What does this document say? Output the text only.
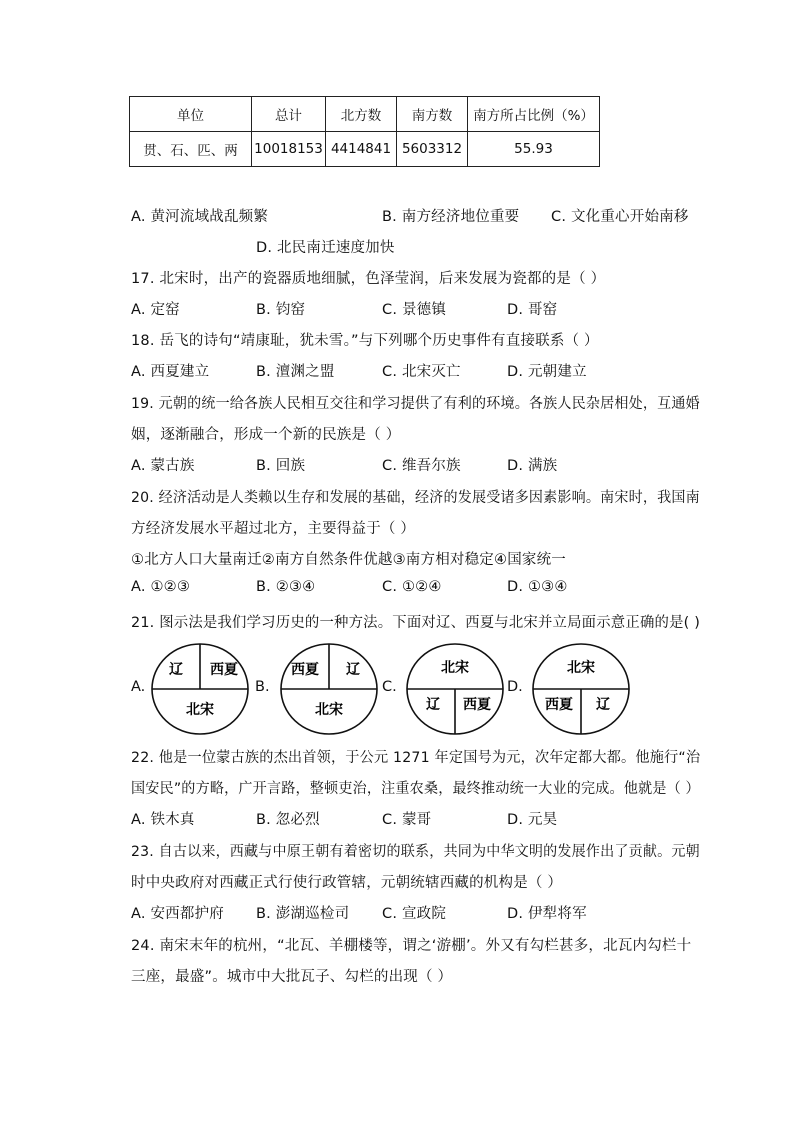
单位	总计	北方数	南方数	南方所占比例（%）
贯、石、匹、两	10018153	4414841	5603312	55.93
A. 黄河流域战乱频繁	B. 南方经济地位重要 C. 文化重心开始南移
D. 北民南迁速度加快
17. 北宋时，出产的瓷器质地细腻，色泽莹润，后来发展为瓷都的是（ ）
A. 定窑	B. 钧窑	C. 景德镇	D. 哥窑
18. 岳飞的诗句“靖康耻，犹未雪。”与下列哪个历史事件有直接联系（ ）
A. 西夏建立	B. 澶渊之盟	C. 北宋灭亡	D. 元朝建立
19. 元朝的统一给各族人民相互交往和学习提供了有利的环境。各族人民杂居相处，互通婚
姻，逐渐融合，形成一个新的民族是（ ）
A. 蒙古族	B. 回族	C. 维吾尔族	D. 满族
20. 经济活动是人类赖以生存和发展的基础，经济的发展受诸多因素影响。南宋时，我国南
方经济发展水平超过北方，主要得益于（ ）
①北方人口大量南迁②南方自然条件优越③南方相对稳定④国家统一
A. ①②③	B. ②③④	C. ①②④	D. ①③④
21. 图示法是我们学习历史的一种方法。下面对辽、西夏与北宋并立局面示意正确的是( )
A.
辽 西夏
北宋
B.
西夏 辽
北宋
C.
北宋
辽 西夏
D.
北宋
西夏 辽
22. 他是一位蒙古族的杰出首领，于公元 1271 年定国号为元，次年定都大都。他施行“治
国安民”的方略，广开言路，整顿吏治，注重农桑，最终推动统一大业的完成。他就是（ ）
A. 铁木真	B. 忽必烈	C. 蒙哥	D. 元昊
23. 自古以来，西藏与中原王朝有着密切的联系，共同为中华文明的发展作出了贡献。元朝
时中央政府对西藏正式行使行政管辖，元朝统辖西藏的机构是（ ）
A. 安西都护府 B. 澎湖巡检司 C. 宣政院	D. 伊犁将军
24. 南宋末年的杭州，“北瓦、羊棚楼等，谓之‘游棚’。外又有勾栏甚多，北瓦内勾栏十
三座，最盛”。城市中大批瓦子、勾栏的出现（ ）
